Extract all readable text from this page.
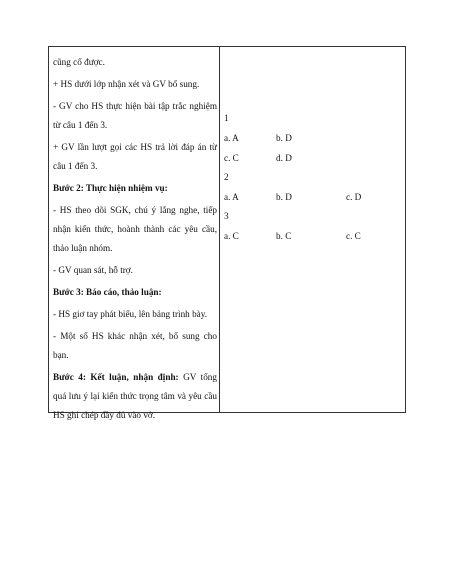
cũng cố được.

+ HS dưới lớp nhận xét và GV bổ sung.

- GV cho HS thực hiện bài tập trắc nghiệm từ câu 1 đến 3.

+ GV lần lượt gọi các HS trả lời đáp án từ câu 1 đến 3.

Bước 2: Thực hiện nhiệm vụ:

- HS theo dõi SGK, chú ý lắng nghe, tiếp nhận kiến thức, hoành thành các yêu cầu, thảo luận nhóm.

- GV quan sát, hỗ trợ.

Bước 3: Báo cáo, thảo luận:

- HS giơ tay phát biểu, lên bảng trình bày.

- Một số HS khác nhận xét, bổ sung cho bạn.

Bước 4: Kết luận, nhận định: GV tổng quá lưu ý lại kiến thức trọng tâm và yêu cầu HS ghi chép đầy đủ vào vở.

1
a. A	b. D
c. C	d. D
2
a. A	b. D	c. D
3
a. C	b. C	c. C
